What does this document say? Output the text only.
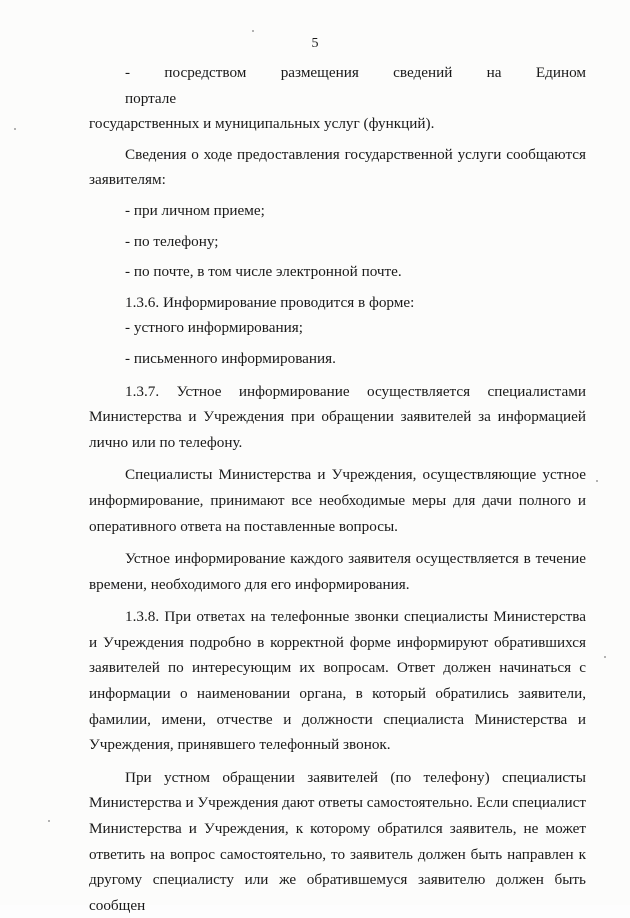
5

- посредством размещения сведений на Едином портале

государственных и муниципальных услуг (функций).

Сведения о ходе предоставления государственной услуги сообщаются заявителям:

- при личном приеме;

- по телефону;

- по почте, в том числе электронной почте.

1.3.6. Информирование проводится в форме:

- устного информирования;

- письменного информирования.

1.3.7. Устное информирование осуществляется специалистами Министерства и Учреждения при обращении заявителей за информацией лично или по телефону.

Специалисты Министерства и Учреждения, осуществляющие устное информирование, принимают все необходимые меры для дачи полного и оперативного ответа на поставленные вопросы.

Устное информирование каждого заявителя осуществляется в течение времени, необходимого для его информирования.

1.3.8. При ответах на телефонные звонки специалисты Министерства и Учреждения подробно в корректной форме информируют обратившихся заявителей по интересующим их вопросам. Ответ должен начинаться с информации о наименовании органа, в который обратились заявители, фамилии, имени, отчестве и должности специалиста Министерства и Учреждения, принявшего телефонный звонок.

При устном обращении заявителей (по телефону) специалисты Министерства и Учреждения дают ответы самостоятельно. Если специалист Министерства и Учреждения, к которому обратился заявитель, не может ответить на вопрос самостоятельно, то заявитель должен быть направлен к другому специалисту или же обратившемуся заявителю должен быть сообщен
